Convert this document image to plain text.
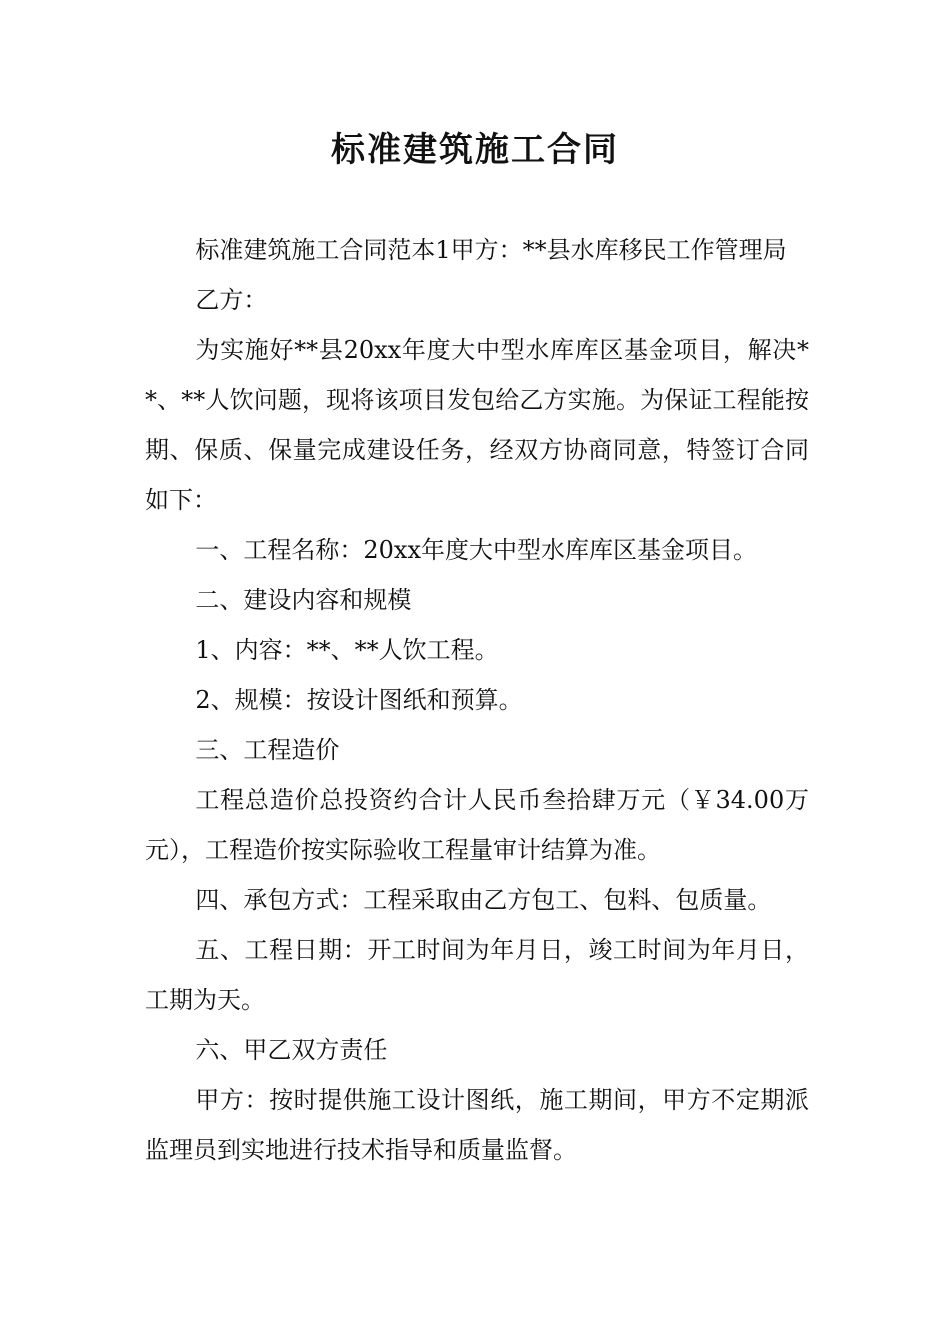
标准建筑施工合同

标准建筑施工合同范本1甲方：**县水库移民工作管理局

乙方：

为实施好**县20xx年度大中型水库库区基金项目，解决**、**人饮问题，现将该项目发包给乙方实施。为保证工程能按期、保质、保量完成建设任务，经双方协商同意，特签订合同如下：

一、工程名称：20xx年度大中型水库库区基金项目。

二、建设内容和规模

1、内容：**、**人饮工程。

2、规模：按设计图纸和预算。

三、工程造价

工程总造价总投资约合计人民币叁拾肆万元（￥34.00万元），工程造价按实际验收工程量审计结算为准。

四、承包方式：工程采取由乙方包工、包料、包质量。

五、工程日期：开工时间为年月日，竣工时间为年月日，工期为天。

六、甲乙双方责任

甲方：按时提供施工设计图纸，施工期间，甲方不定期派监理员到实地进行技术指导和质量监督。
